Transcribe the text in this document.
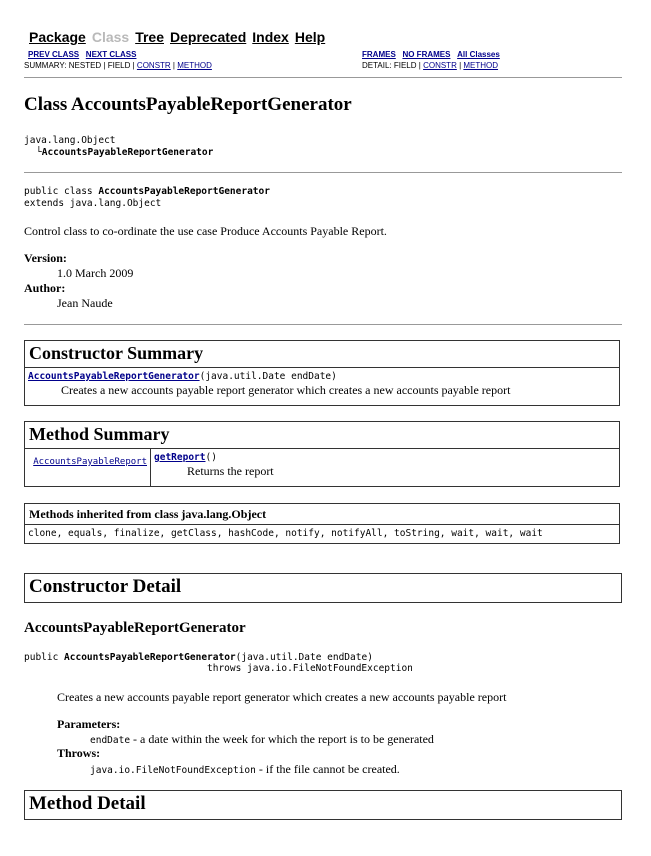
Package Class Tree Deprecated Index Help
PREV CLASS NEXT CLASS
SUMMARY: NESTED | FIELD | CONSTR | METHOD
FRAMES NO FRAMES All Classes
DETAIL: FIELD | CONSTR | METHOD
Class AccountsPayableReportGenerator
java.lang.Object
└AccountsPayableReportGenerator
public class AccountsPayableReportGenerator
extends java.lang.Object
Control class to co-ordinate the use case Produce Accounts Payable Report.
Version:
1.0 March 2009
Author:
Jean Naude
Constructor Summary
AccountsPayableReportGenerator(java.util.Date endDate)
Creates a new accounts payable report generator which creates a new accounts payable report
Method Summary
AccountsPayableReport getReport()
Returns the report
Methods inherited from class java.lang.Object
clone, equals, finalize, getClass, hashCode, notify, notifyAll, toString, wait, wait, wait
Constructor Detail
AccountsPayableReportGenerator
public AccountsPayableReportGenerator(java.util.Date endDate)
throws java.io.FileNotFoundException
Creates a new accounts payable report generator which creates a new accounts payable report
Parameters:
endDate - a date within the week for which the report is to be generated
Throws:
java.io.FileNotFoundException - if the file cannot be created.
Method Detail
